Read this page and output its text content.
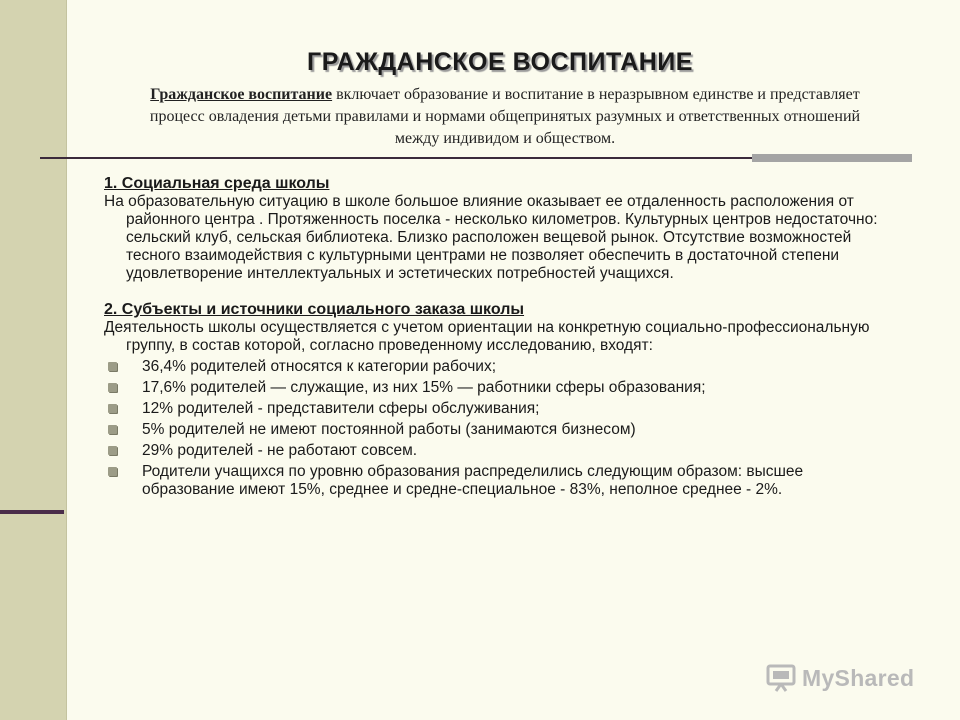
ГРАЖДАНСКОЕ ВОСПИТАНИЕ
Гражданское воспитание включает образование и воспитание в неразрывном единстве и представляет процесс овладения детьми правилами и нормами общепринятых разумных и ответственных отношений между индивидом и обществом.

1. Социальная среда школы

На образовательную ситуацию в школе большое влияние оказывает ее отдаленность расположения от районного центра . Протяженность поселка - несколько километров. Культурных центров недостаточно: сельский клуб, сельская библиотека. Близко расположен вещевой рынок. Отсутствие возможностей тесного взаимодействия с культурными центрами не позволяет обеспечить в достаточной степени удовлетворение интеллектуальных и эстетических потребностей учащихся.

2. Субъекты и источники социального заказа школы

Деятельность школы осуществляется с учетом ориентации на конкретную социально-профессиональную группу, в состав которой, согласно проведенному исследованию, входят:

36,4% родителей относятся к категории рабочих;
17,6% родителей — служащие, из них 15% — работники сферы образования;
12% родителей - представители сферы обслуживания;
5% родителей не имеют постоянной работы (занимаются бизнесом)
29% родителей - не работают совсем.
Родители учащихся по уровню образования распределились следующим образом: высшее образование имеют 15%, среднее и средне-специальное - 83%, неполное среднее - 2%.
MyShared
